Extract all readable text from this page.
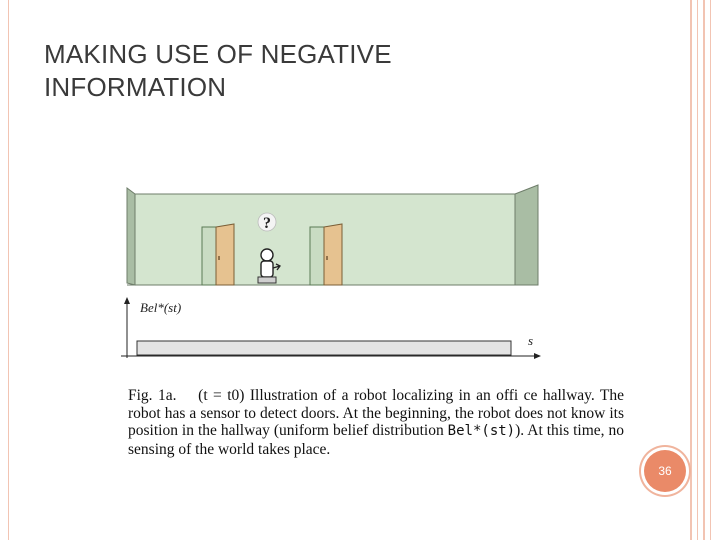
MAKING USE OF NEGATIVE
INFORMATION
?
Bel*(st)
s
Fig. 1a. (t = t0) Illustration of a robot localizing in an offi ce hallway. The robot has a sensor to detect doors. At the beginning, the robot does not know its position in the hallway (uniform belief distribution Bel*(st)). At this time, no sensing of the world takes place.
36
